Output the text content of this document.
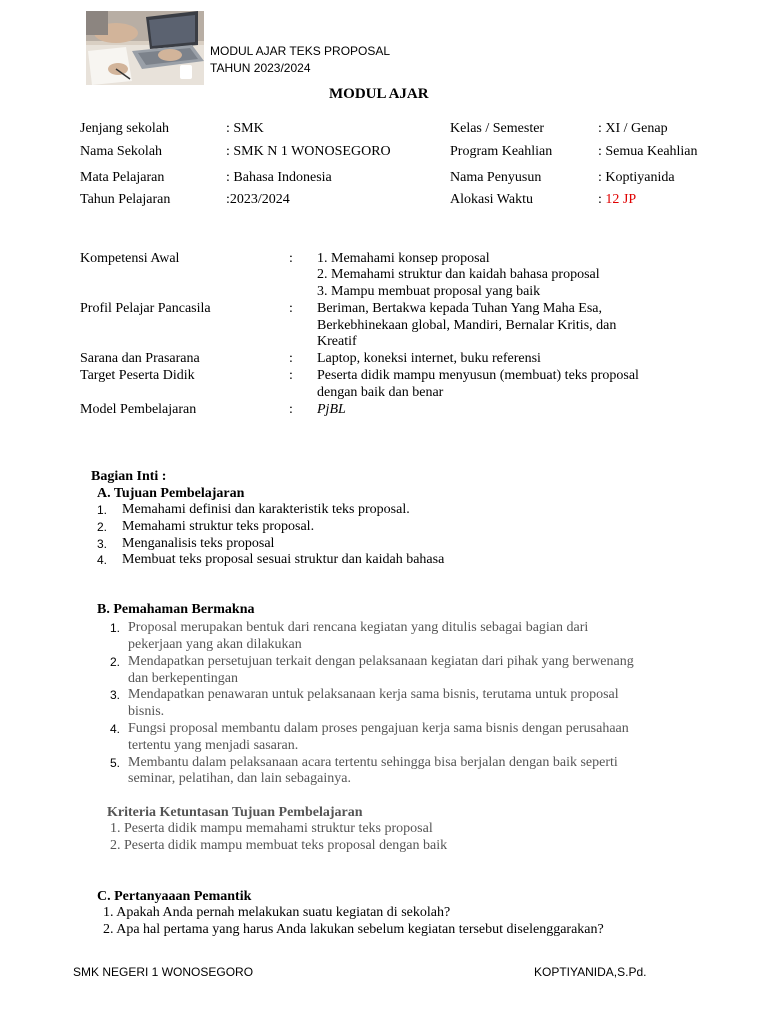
MODUL AJAR TEKS PROPOSAL
TAHUN 2023/2024
MODUL AJAR
Jenjang sekolah	: SMK	Kelas / Semester	: XI / Genap
Nama Sekolah	: SMK N 1 WONOSEGORO	Program Keahlian	: Semua Keahlian
Mata Pelajaran	: Bahasa Indonesia	Nama Penyusun	: Koptiyanida
Tahun Pelajaran	:2023/2024	Alokasi Waktu	: 12 JP
Kompetensi Awal	: 1. Memahami konsep proposal
2. Memahami struktur dan kaidah bahasa proposal
3. Mampu membuat proposal yang baik
Profil Pelajar Pancasila	: Beriman, Bertakwa kepada Tuhan Yang Maha Esa,
Berkebhinekaan global, Mandiri, Bernalar Kritis, dan
Kreatif
Sarana dan Prasarana	: Laptop, koneksi internet, buku referensi
Target Peserta Didik	: Peserta didik mampu menyusun (membuat) teks proposal
dengan baik dan benar
Model Pembelajaran	: PjBL
Bagian Inti :
A. Tujuan Pembelajaran
1. Memahami definisi dan karakteristik teks proposal.
2. Memahami struktur teks proposal.
3. Menganalisis teks proposal
4. Membuat teks proposal sesuai struktur dan kaidah bahasa
B. Pemahaman Bermakna
1. Proposal merupakan bentuk dari rencana kegiatan yang ditulis sebagai bagian dari
pekerjaan yang akan dilakukan
2. Mendapatkan persetujuan terkait dengan pelaksanaan kegiatan dari pihak yang berwenang
dan berkepentingan
3. Mendapatkan penawaran untuk pelaksanaan kerja sama bisnis, terutama untuk proposal
bisnis.
4. Fungsi proposal membantu dalam proses pengajuan kerja sama bisnis dengan perusahaan
tertentu yang menjadi sasaran.
5. Membantu dalam pelaksanaan acara tertentu sehingga bisa berjalan dengan baik seperti
seminar, pelatihan, dan lain sebagainya.
Kriteria Ketuntasan Tujuan Pembelajaran
1. Peserta didik mampu memahami struktur teks proposal
2. Peserta didik mampu membuat teks proposal dengan baik
C. Pertanyaaan Pemantik
1. Apakah Anda pernah melakukan suatu kegiatan di sekolah?
2. Apa hal pertama yang harus Anda lakukan sebelum kegiatan tersebut diselenggarakan?
SMK NEGERI 1 WONOSEGORO	KOPTIYANIDA,S.Pd.
